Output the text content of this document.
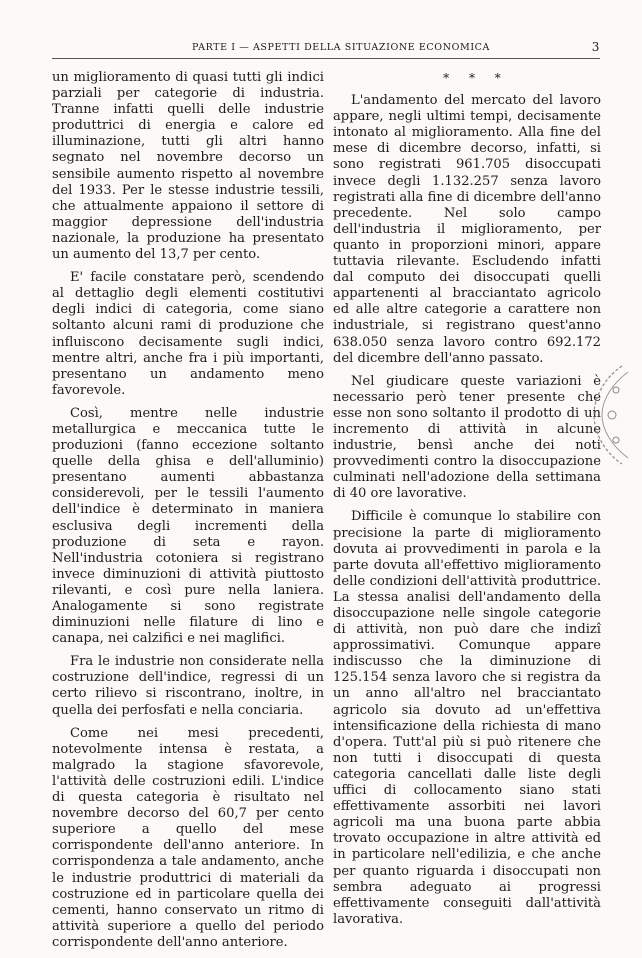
PARTE I — ASPETTI DELLA SITUAZIONE ECONOMICA	3

un miglioramento di quasi tutti gli indici parziali per categorie di industria. Tranne infatti quelli delle industrie produttrici di energia e calore ed illuminazione, tutti gli altri hanno segnato nel novembre decorso un sensibile aumento rispetto al novembre del 1933. Per le stesse industrie tessili, che attualmente appaiono il settore di maggior depressione dell'industria nazionale, la produzione ha presentato un aumento del 13,7 per cento.

E' facile constatare però, scendendo al dettaglio degli elementi costitutivi degli indici di categoria, come siano soltanto alcuni rami di produzione che influiscono decisamente sugli indici, mentre altri, anche fra i più importanti, presentano un andamento meno favorevole.

Così, mentre nelle industrie metallurgica e meccanica tutte le produzioni (fanno eccezione soltanto quelle della ghisa e dell'alluminio) presentano aumenti abbastanza considerevoli, per le tessili l'aumento dell'indice è determinato in maniera esclusiva degli incrementi della produzione di seta e rayon. Nell'industria cotoniera si registrano invece diminuzioni di attività piuttosto rilevanti, e così pure nella laniera. Analogamente si sono registrate diminuzioni nelle filature di lino e canapa, nei calzifici e nei maglifici.

Fra le industrie non considerate nella costruzione dell'indice, regressi di un certo rilievo si riscontrano, inoltre, in quella dei perfosfati e nella conciaria.

Come nei mesi precedenti, notevolmente intensa è restata, a malgrado la stagione sfavorevole, l'attività delle costruzioni edili. L'indice di questa categoria è risultato nel novembre decorso del 60,7 per cento superiore a quello del mese corrispondente dell'anno anteriore. In corrispondenza a tale andamento, anche le industrie produttrici di materiali da costruzione ed in particolare quella dei cementi, hanno conservato un ritmo di attività superiore a quello del periodo corrispondente dell'anno anteriore.

* * *

L'andamento del mercato del lavoro appare, negli ultimi tempi, decisamente intonato al miglioramento. Alla fine del mese di dicembre decorso, infatti, si sono registrati 961.705 disoccupati invece degli 1.132.257 senza lavoro registrati alla fine di dicembre dell'anno precedente. Nel solo campo dell'industria il miglioramento, per quanto in proporzioni minori, appare tuttavia rilevante. Escludendo infatti dal computo dei disoccupati quelli appartenenti al bracciantato agricolo ed alle altre categorie a carattere non industriale, si registrano quest'anno 638.050 senza lavoro contro 692.172 del dicembre dell'anno passato.

Nel giudicare queste variazioni è necessario però tener presente che esse non sono soltanto il prodotto di un incremento di attività in alcune industrie, bensì anche dei noti provvedimenti contro la disoccupazione culminati nell'adozione della settimana di 40 ore lavorative.

Difficile è comunque lo stabilire con precisione la parte di miglioramento dovuta ai provvedimenti in parola e la parte dovuta all'effettivo miglioramento delle condizioni dell'attività produttrice. La stessa analisi dell'andamento della disoccupazione nelle singole categorie di attività, non può dare che indizî approssimativi. Comunque appare indiscusso che la diminuzione di 125.154 senza lavoro che si registra da un anno all'altro nel bracciantato agricolo sia dovuto ad un'effettiva intensificazione della richiesta di mano d'opera. Tutt'al più si può ritenere che non tutti i disoccupati di questa categoria cancellati dalle liste degli uffici di collocamento siano stati effettivamente assorbiti nei lavori agricoli ma una buona parte abbia trovato occupazione in altre attività ed in particolare nell'edilizia, e che anche per quanto riguarda i disoccupati non sembra adeguato ai progressi effettivamente conseguiti dall'attività lavorativa.
